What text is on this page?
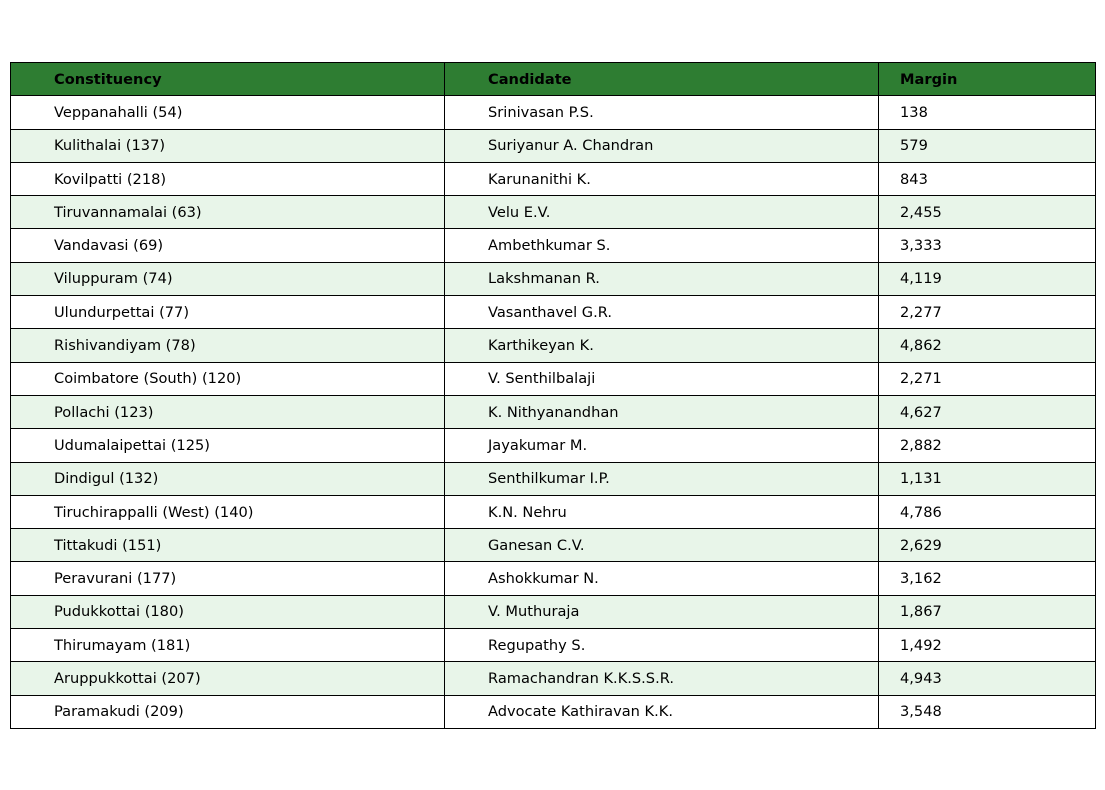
Constituency	Candidate	Margin
Veppanahalli (54)	Srinivasan P.S.	138
Kulithalai (137)	Suriyanur A. Chandran	579
Kovilpatti (218)	Karunanithi K.	843
Tiruvannamalai (63)	Velu E.V.	2,455
Vandavasi (69)	Ambethkumar S.	3,333
Viluppuram (74)	Lakshmanan R.	4,119
Ulundurpettai (77)	Vasanthavel G.R.	2,277
Rishivandiyam (78)	Karthikeyan K.	4,862
Coimbatore (South) (120)	V. Senthilbalaji	2,271
Pollachi (123)	K. Nithyanandhan	4,627
Udumalaipettai (125)	Jayakumar M.	2,882
Dindigul (132)	Senthilkumar I.P.	1,131
Tiruchirappalli (West) (140)	K.N. Nehru	4,786
Tittakudi (151)	Ganesan C.V.	2,629
Peravurani (177)	Ashokkumar N.	3,162
Pudukkottai (180)	V. Muthuraja	1,867
Thirumayam (181)	Regupathy S.	1,492
Aruppukkottai (207)	Ramachandran K.K.S.S.R.	4,943
Paramakudi (209)	Advocate Kathiravan K.K.	3,548
